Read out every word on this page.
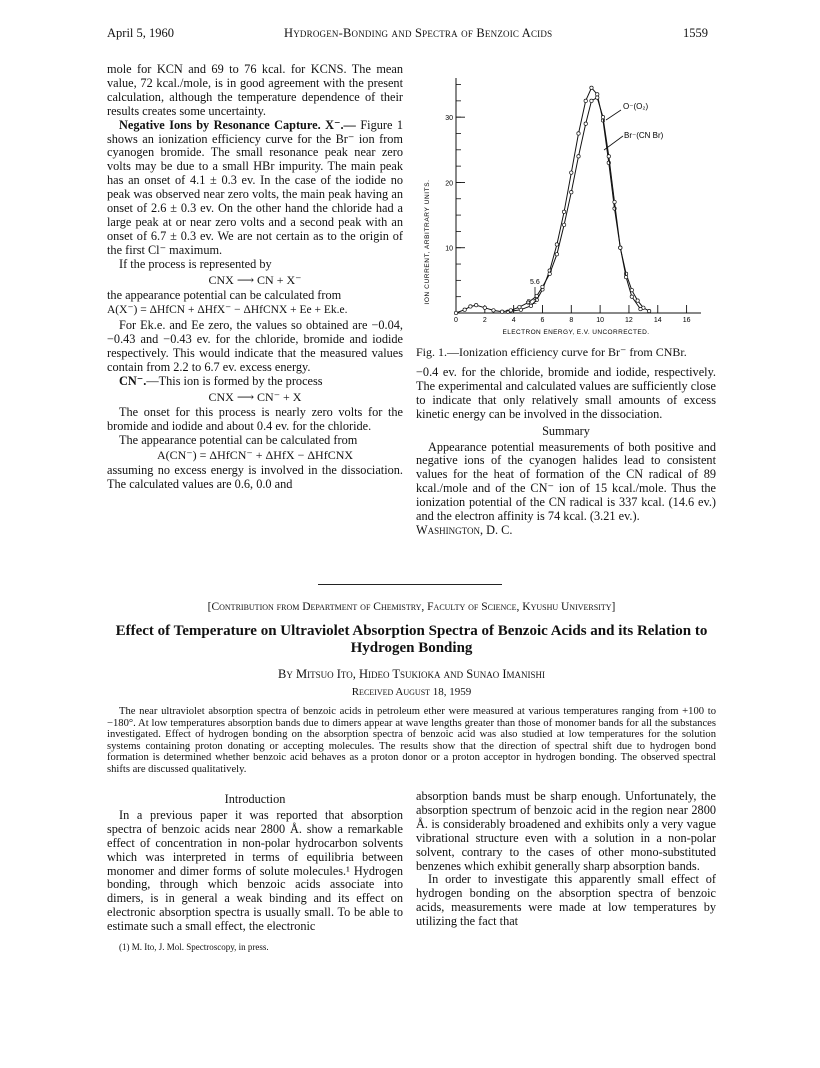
April 5, 1960	Hydrogen-Bonding and Spectra of Benzoic Acids	1559

mole for KCN and 69 to 76 kcal. for KCNS. The mean value, 72 kcal./mole, is in good agreement with the present calculation, although the temperature dependence of their results creates some uncertainty.

Negative Ions by Resonance Capture. X⁻.— Figure 1 shows an ionization efficiency curve for the Br⁻ ion from cyanogen bromide. The small resonance peak near zero volts may be due to a small HBr impurity. The main peak has an onset of 4.1 ± 0.3 ev. In the case of the iodide no peak was observed near zero volts, the main peak having an onset of 2.6 ± 0.3 ev. On the other hand the chloride had a large peak at or near zero volts and a second peak with an onset of 6.7 ± 0.3 ev. We are not certain as to the origin of the first Cl⁻ maximum.

If the process is represented by

CNX ⟶ CN + X⁻

the appearance potential can be calculated from

A(X⁻) = ΔHfCN + ΔHfX⁻ − ΔHfCNX + Ee + Ek.e.

For Ek.e. and Ee zero, the values so obtained are −0.04, −0.43 and −0.43 ev. for the chloride, bromide and iodide respectively. This would indicate that the measured values contain from 2.2 to 6.7 ev. excess energy.

CN⁻.—This ion is formed by the process

CNX ⟶ CN⁻ + X

The onset for this process is nearly zero volts for the bromide and iodide and about 0.4 ev. for the chloride.

The appearance potential can be calculated from

A(CN⁻) = ΔHfCN⁻ + ΔHfX − ΔHfCNX

assuming no excess energy is involved in the dissociation. The calculated values are 0.6, 0.0 and

10
20
30
0	2	4	6	8	10	12	14	16
ION CURRENT, ARBITRARY UNITS.
ELECTRON ENERGY, E.V. UNCORRECTED.
O⁻(O₂)
Br⁻(CN Br)
5.6
5.2
Fig. 1.—Ionization efficiency curve for Br⁻ from CNBr.

−0.4 ev. for the chloride, bromide and iodide, respectively. The experimental and calculated values are sufficiently close to indicate that only relatively small amounts of excess kinetic energy can be involved in the dissociation.

Summary

Appearance potential measurements of both positive and negative ions of the cyanogen halides lead to consistent values for the heat of formation of the CN radical of 89 kcal./mole and of the CN⁻ ion of 15 kcal./mole. Thus the ionization potential of the CN radical is 337 kcal. (14.6 ev.) and the electron affinity is 74 kcal. (3.21 ev.).

Washington, D. C.

[Contribution from Department of Chemistry, Faculty of Science, Kyushu University]
Effect of Temperature on Ultraviolet Absorption Spectra of Benzoic Acids and its Relation to Hydrogen Bonding
By Mitsuo Ito, Hideo Tsukioka and Sunao Imanishi
Received August 18, 1959

The near ultraviolet absorption spectra of benzoic acids in petroleum ether were measured at various temperatures ranging from +100 to −180°. At low temperatures absorption bands due to dimers appear at wave lengths greater than those of monomer bands for all the substances investigated. Effect of hydrogen bonding on the absorption spectra of benzoic acid was also studied at low temperatures for the solution systems containing proton donating or accepting molecules. The results show that the direction of spectral shift due to hydrogen bond formation is determined whether benzoic acid behaves as a proton donor or a proton acceptor in hydrogen bonding. The observed spectral shifts are discussed qualitatively.

Introduction

In a previous paper it was reported that absorption spectra of benzoic acids near 2800 Å. show a remarkable effect of concentration in non-polar hydrocarbon solvents which was interpreted in terms of equilibria between monomer and dimer forms of solute molecules.¹ Hydrogen bonding, through which benzoic acids associate into dimers, is in general a weak binding and its effect on electronic absorption spectra is usually small. To be able to estimate such a small effect, the electronic

(1) M. Ito, J. Mol. Spectroscopy, in press.

absorption bands must be sharp enough. Unfortunately, the absorption spectrum of benzoic acid in the region near 2800 Å. is considerably broadened and exhibits only a very vague vibrational structure even with a solution in a non-polar solvent, contrary to the cases of other mono-substituted benzenes which exhibit generally sharp absorption bands.

In order to investigate this apparently small effect of hydrogen bonding on the absorption spectra of benzoic acids, measurements were made at low temperatures by utilizing the fact that
